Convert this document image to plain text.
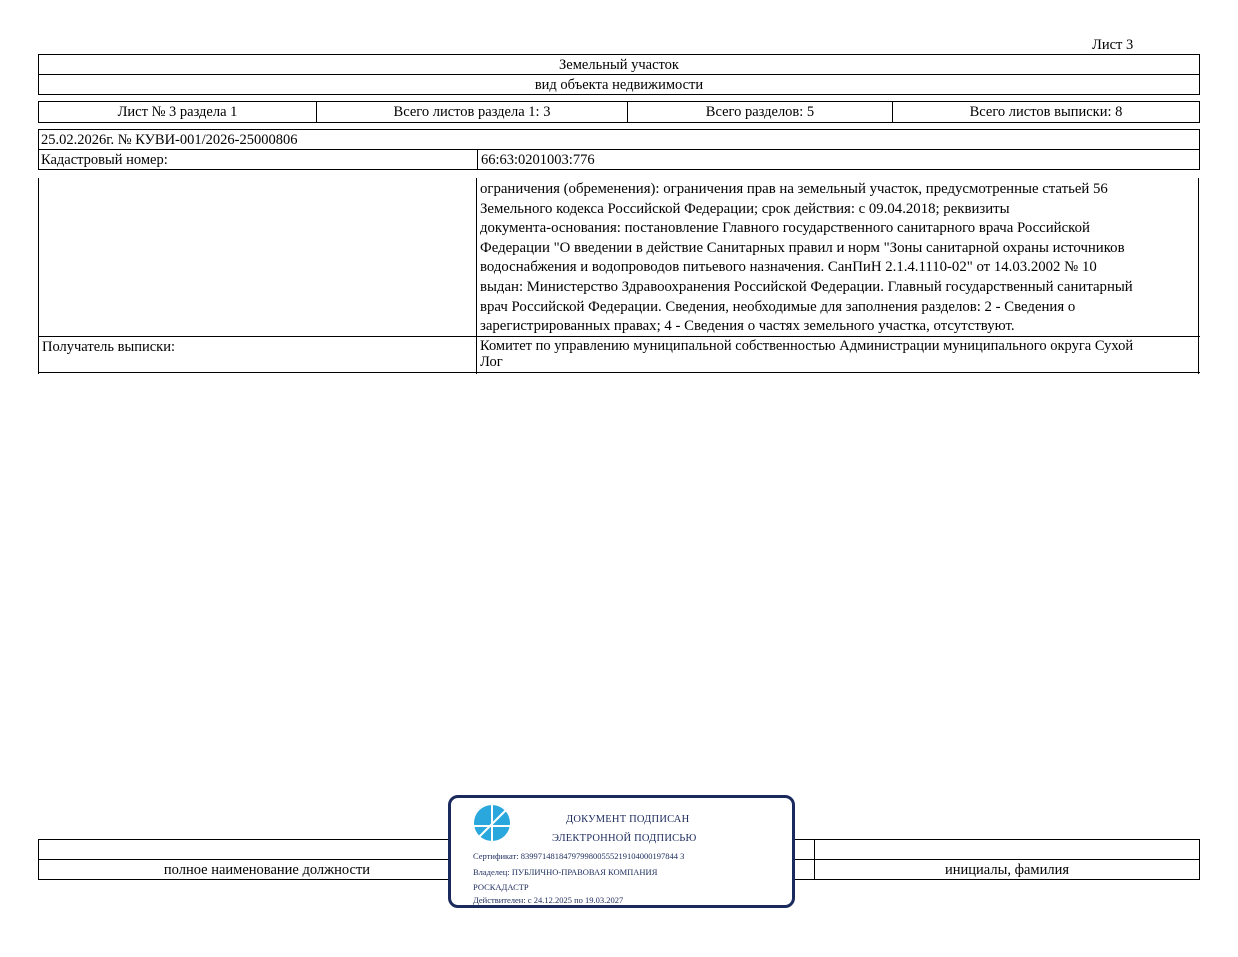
Лист 3
Земельный участок
вид объекта недвижимости
Лист № 3 раздела 1	Всего листов раздела 1: 3	Всего разделов: 5	Всего листов выписки: 8
25.02.2026г. № КУВИ-001/2026-25000806
Кадастровый номер:	66:63:0201003:776
ограничения (обременения): ограничения прав на земельный участок, предусмотренные статьей 56
Земельного кодекса Российской Федерации; срок действия: с 09.04.2018; реквизиты
документа-основания: постановление Главного государственного санитарного врача Российской
Федерации "О введении в действие Санитарных правил и норм "Зоны санитарной охраны источников
водоснабжения и водопроводов питьевого назначения. СанПиН 2.1.4.1110-02" от 14.03.2002 № 10
выдан: Министерство Здравоохранения Российской Федерации. Главный государственный санитарный
врач Российской Федерации. Сведения, необходимые для заполнения разделов: 2 - Сведения о
зарегистрированных правах; 4 - Сведения о частях земельного участка, отсутствуют.
Получатель выписки:	Комитет по управлению муниципальной собственностью Администрации муниципального округа Сухой
Лог
полное наименование должности	инициалы, фамилия
ДОКУМЕНТ ПОДПИСАН
ЭЛЕКТРОННОЙ ПОДПИСЬЮ
Сертификат: 8399714818479799800555219104000197844 3
Владелец: ПУБЛИЧНО-ПРАВОВАЯ КОМПАНИЯ
РОСКАДАСТР
Действителен: с 24.12.2025 по 19.03.2027
